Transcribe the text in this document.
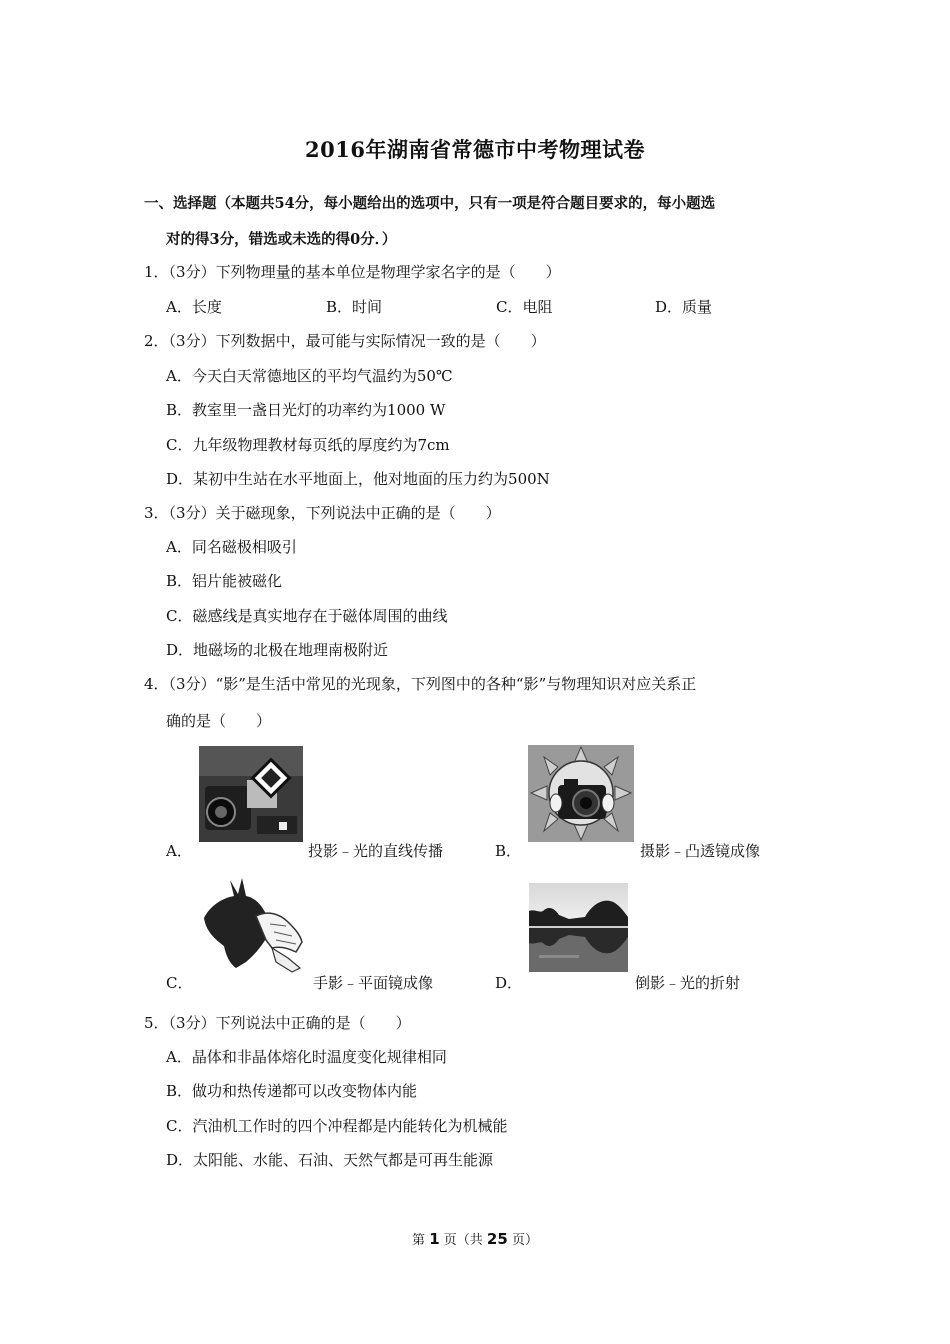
2016年湖南省常德市中考物理试卷
一、选择题（本题共54分，每小题给出的选项中，只有一项是符合题目要求的，每小题选
对的得3分，错选或未选的得0分．）
1．（3分）下列物理量的基本单位是物理学家名字的是（　　）
A．长度	B．时间	C．电阻	D．质量
2．（3分）下列数据中，最可能与实际情况一致的是（　　）
A．今天白天常德地区的平均气温约为50℃
B．教室里一盏日光灯的功率约为1000 W
C．九年级物理教材每页纸的厚度约为7cm
D．某初中生站在水平地面上，他对地面的压力约为500N
3．（3分）关于磁现象，下列说法中正确的是（　　）
A．同名磁极相吸引
B．铝片能被磁化
C．磁感线是真实地存在于磁体周围的曲线
D．地磁场的北极在地理南极附近
4．（3分）“影”是生活中常见的光现象，下列图中的各种“影”与物理知识对应关系正
确的是（　　）
A．	投影﹣光的直线传播	B．	摄影﹣凸透镜成像
C．	手影﹣平面镜成像	D．	倒影﹣光的折射
5．（3分）下列说法中正确的是（　　）
A．晶体和非晶体熔化时温度变化规律相同
B．做功和热传递都可以改变物体内能
C．汽油机工作时的四个冲程都是内能转化为机械能
D．太阳能、水能、石油、天然气都是可再生能源
第 1 页（共 25 页）
